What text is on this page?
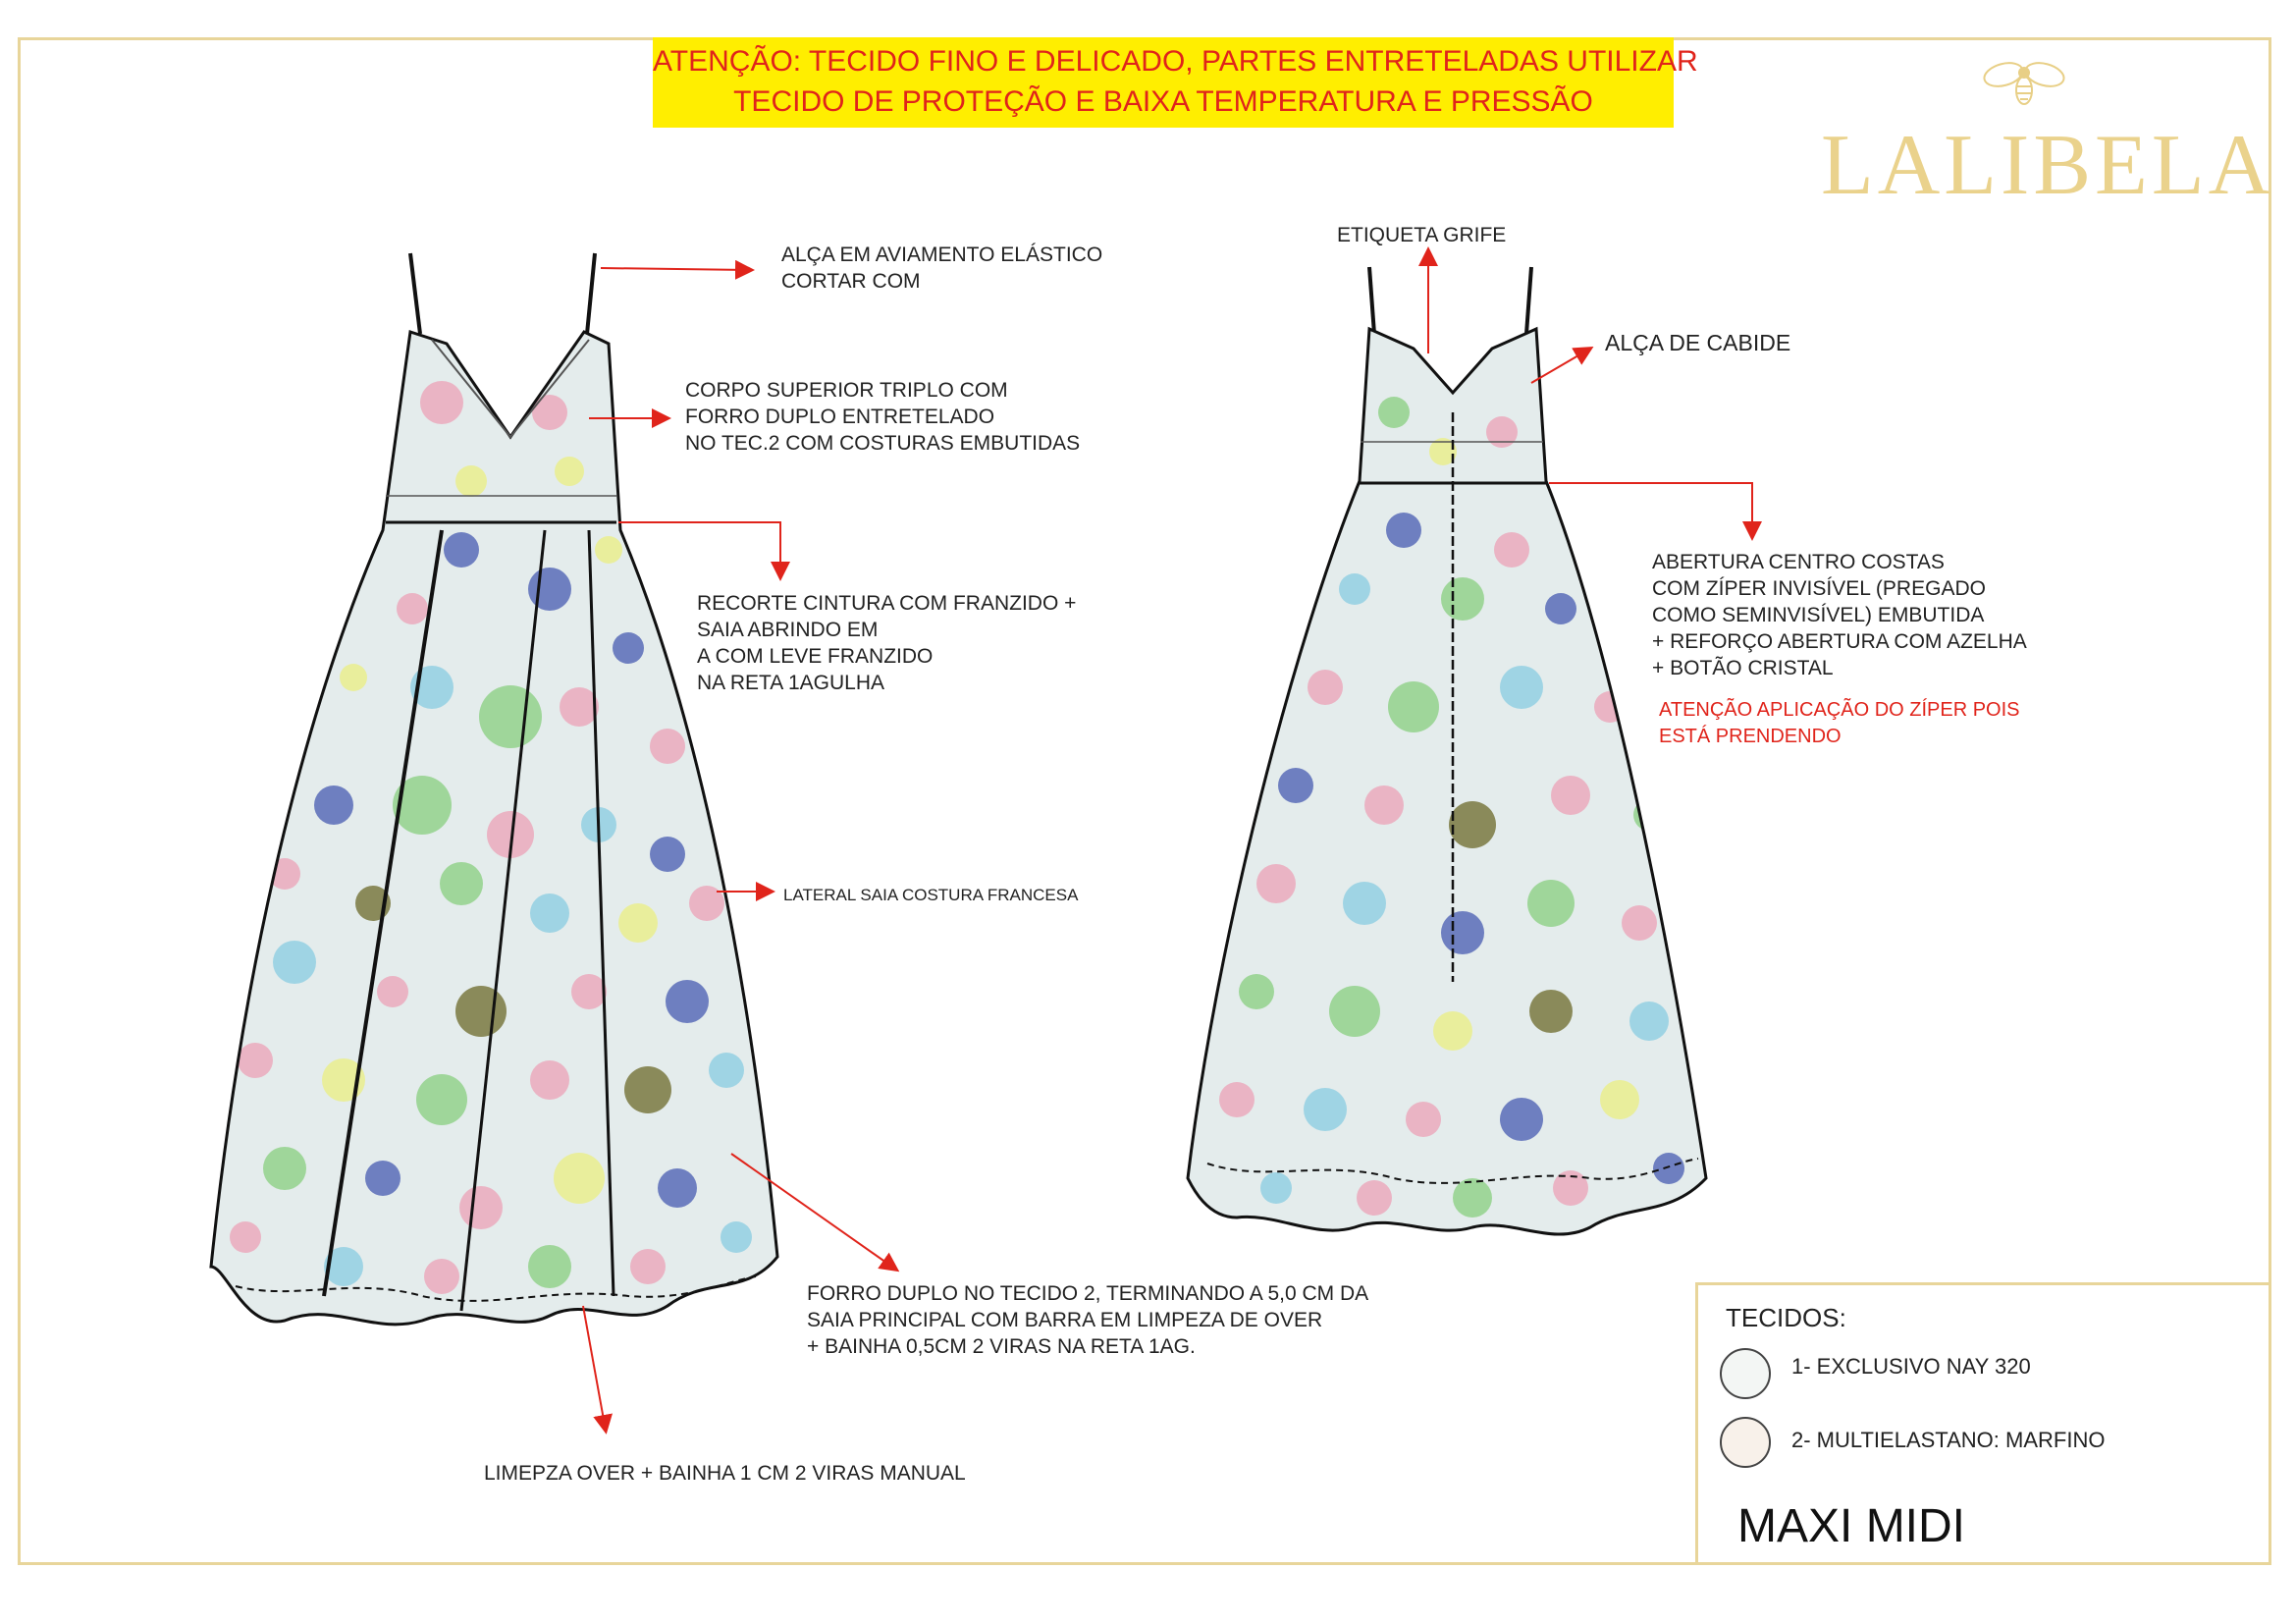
ATENÇÃO: TECIDO FINO E DELICADO, PARTES ENTRETELADAS UTILIZAR
TECIDO DE PROTEÇÃO E BAIXA TEMPERATURA E PRESSÃO
LALIBELA
ALÇA EM AVIAMENTO ELÁSTICO
CORTAR COM
CORPO SUPERIOR TRIPLO COM
FORRO DUPLO ENTRETELADO
NO TEC.2 COM COSTURAS EMBUTIDAS
RECORTE CINTURA COM FRANZIDO +
SAIA ABRINDO EM
A COM LEVE FRANZIDO
NA RETA 1AGULHA
LATERAL SAIA COSTURA FRANCESA
FORRO DUPLO NO TECIDO 2, TERMINANDO A 5,0 CM DA
SAIA PRINCIPAL COM BARRA EM LIMPEZA DE OVER
+ BAINHA 0,5CM 2 VIRAS NA RETA 1AG.
LIMEPZA OVER + BAINHA 1 CM 2 VIRAS MANUAL
ETIQUETA GRIFE
ALÇA DE CABIDE
ABERTURA CENTRO COSTAS
COM ZÍPER INVISÍVEL (PREGADO
COMO SEMINVISÍVEL) EMBUTIDA
+ REFORÇO ABERTURA COM AZELHA
+ BOTÃO CRISTAL
ATENÇÃO APLICAÇÃO DO ZÍPER POIS
ESTÁ PRENDENDO
TECIDOS:
1- EXCLUSIVO NAY 320
2- MULTIELASTANO: MARFINO
MAXI MIDI
